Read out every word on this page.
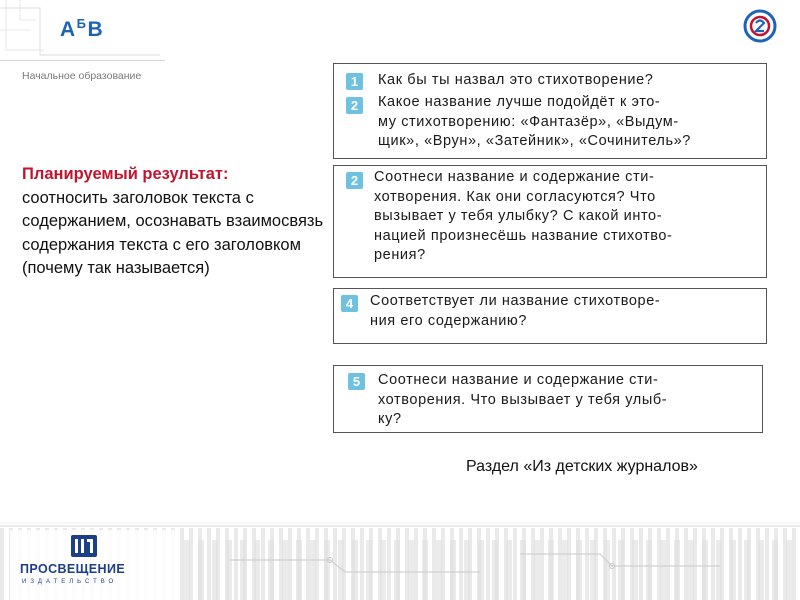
$А^БВ$
Начальное образование
Планируемый результат:
соотносить заголовок текста с содержанием, осознавать взаимосвязь содержания текста с его заголовком (почему так называется)
1	Как бы ты назвал это стихотворение?
2	Какое название лучше подойдёт к это-
му стихотворению: «Фантазёр», «Выдум-
щик», «Врун», «Затейник», «Сочинитель»?
2	Соотнеси название и содержание сти-
хотворения. Как они согласуются? Что
вызывает у тебя улыбку? С какой инто-
нацией произнесёшь название стихотво-
рения?
4	Соответствует ли название стихотворе-
ния его содержанию?
5	Соотнеси название и содержание сти-
хотворения. Что вызывает у тебя улыб-
ку?
Раздел «Из детских журналов»
ПРОСВЕЩЕНИЕ
ИЗДАТЕЛЬСТВО
